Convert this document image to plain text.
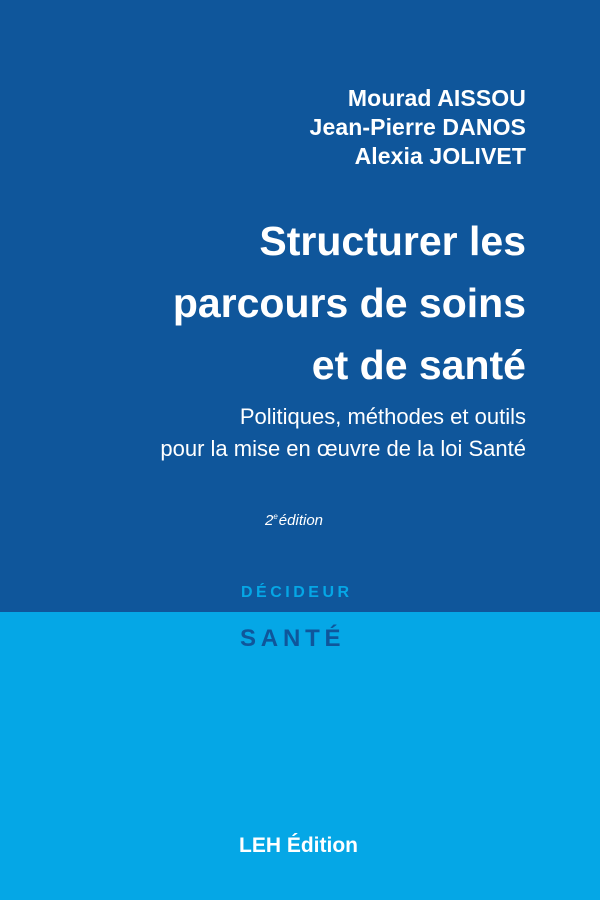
Mourad AISSOU
Jean-Pierre DANOS
Alexia JOLIVET
Structurer les
parcours de soins
et de santé
Politiques, méthodes et outils
pour la mise en œuvre de la loi Santé
2eédition
DÉCIDEUR
SANTÉ
LEH Édition
